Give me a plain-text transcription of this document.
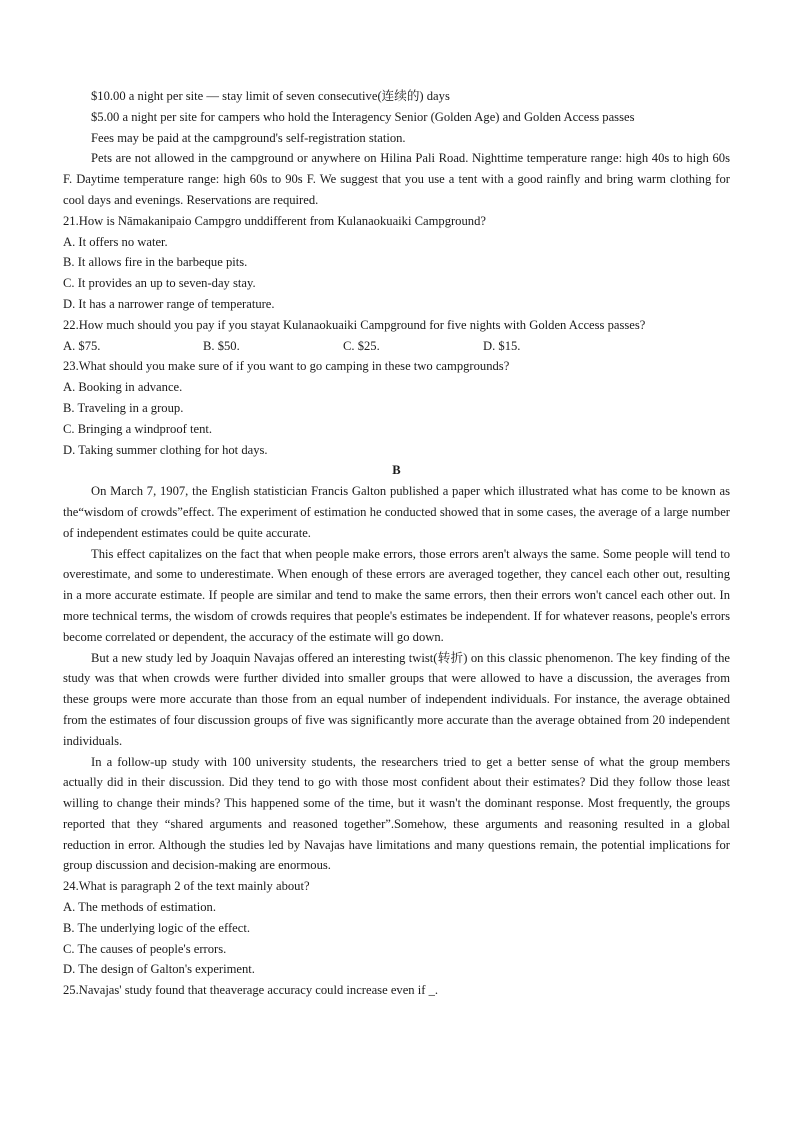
$10.00 a night per site — stay limit of seven consecutive(连续的) days

$5.00 a night per site for campers who hold the Interagency Senior (Golden Age) and Golden Access passes

Fees may be paid at the campground's self-registration station.

Pets are not allowed in the campground or anywhere on Hilina Pali Road. Nighttime temperature range: high 40s to high 60s F. Daytime temperature range: high 60s to 90s F. We suggest that you use a tent with a good rainfly and bring warm clothing for cool days and evenings. Reservations are required.

21.How is Nāmakanipaio Campgro unddifferent from Kulanaokuaiki Campground?

A. It offers no water.

B. It allows fire in the barbeque pits.

C. It provides an up to seven-day stay.

D. It has a narrower range of temperature.

22.How much should you pay if you stayat Kulanaokuaiki Campground for five nights with Golden Access passes?

A. $75.	B. $50.	C. $25.	D. $15.

23.What should you make sure of if you want to go camping in these two campgrounds?

A. Booking in advance.

B. Traveling in a group.

C. Bringing a windproof tent.

D. Taking summer clothing for hot days.

B

On March 7, 1907, the English statistician Francis Galton published a paper which illustrated what has come to be known as the“wisdom of crowds”effect. The experiment of estimation he conducted showed that in some cases, the average of a large number of independent estimates could be quite accurate.

This effect capitalizes on the fact that when people make errors, those errors aren't always the same. Some people will tend to overestimate, and some to underestimate. When enough of these errors are averaged together, they cancel each other out, resulting in a more accurate estimate. If people are similar and tend to make the same errors, then their errors won't cancel each other out. In more technical terms, the wisdom of crowds requires that people's estimates be independent. If for whatever reasons, people's errors become correlated or dependent, the accuracy of the estimate will go down.

But a new study led by Joaquin Navajas offered an interesting twist(转折) on this classic phenomenon. The key finding of the study was that when crowds were further divided into smaller groups that were allowed to have a discussion, the averages from these groups were more accurate than those from an equal number of independent individuals. For instance, the average obtained from the estimates of four discussion groups of five was significantly more accurate than the average obtained from 20 independent individuals.

In a follow-up study with 100 university students, the researchers tried to get a better sense of what the group members actually did in their discussion. Did they tend to go with those most confident about their estimates? Did they follow those least willing to change their minds? This happened some of the time, but it wasn't the dominant response. Most frequently, the groups reported that they “shared arguments and reasoned together”.Somehow, these arguments and reasoning resulted in a global reduction in error. Although the studies led by Navajas have limitations and many questions remain, the potential implications for group discussion and decision-making are enormous.

24.What is paragraph 2 of the text mainly about?

A. The methods of estimation.

B. The underlying logic of the effect.

C. The causes of people's errors.

D. The design of Galton's experiment.

25.Navajas' study found that theaverage accuracy could increase even if _.
